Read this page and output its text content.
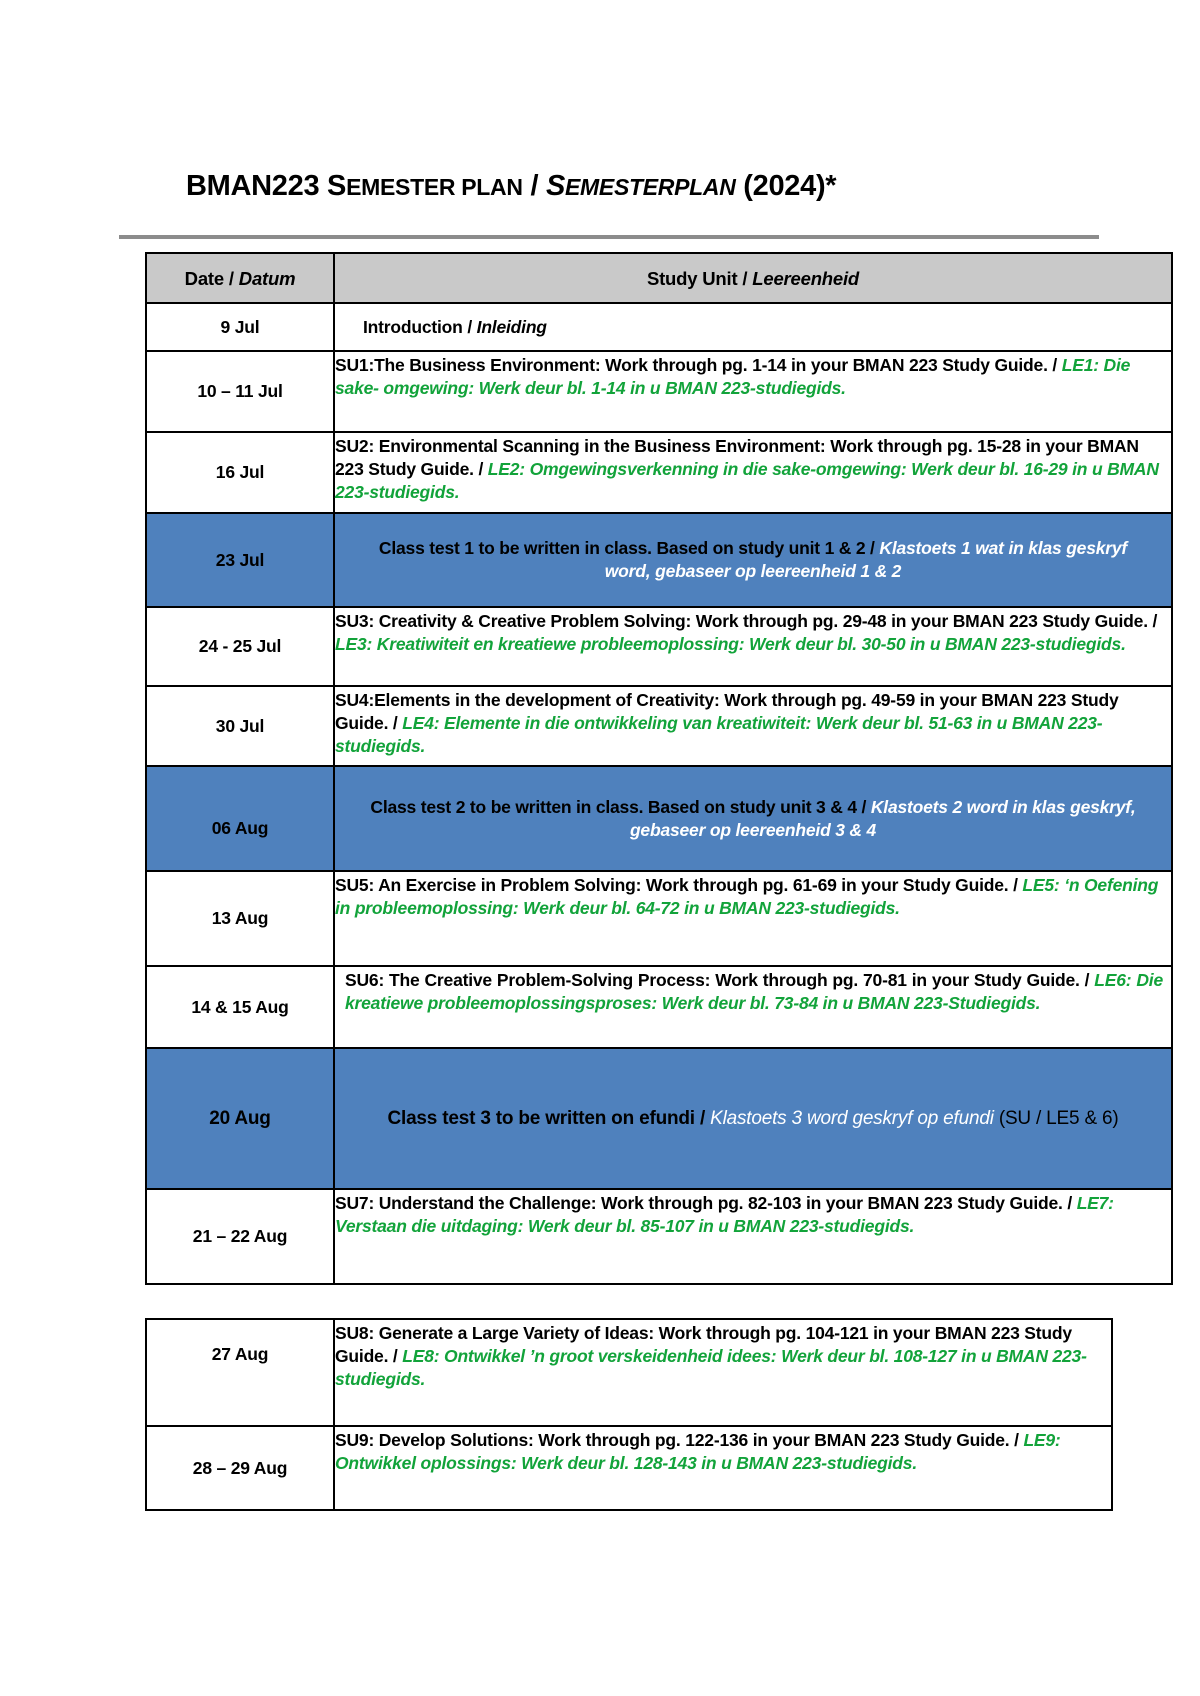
BMAN223 SEMESTER PLAN / SEMESTERPLAN (2024)*
Date / Datum	Study Unit / Leereenheid
9 Jul	Introduction / Inleiding
10 – 11 Jul	SU1:The Business Environment: Work through pg. 1-14 in your BMAN 223 Study Guide. / LE1: Die sake- omgewing: Werk deur bl. 1-14 in u BMAN 223-studiegids.
16 Jul	SU2: Environmental Scanning in the Business Environment: Work through pg. 15-28 in your BMAN 223 Study Guide. / LE2: Omgewingsverkenning in die sake-omgewing: Werk deur bl. 16-29 in u BMAN 223-studiegids.
23 Jul	Class test 1 to be written in class. Based on study unit 1 & 2 / Klastoets 1 wat in klas geskryf word, gebaseer op leereenheid 1 & 2
24 - 25 Jul	SU3: Creativity & Creative Problem Solving: Work through pg. 29-48 in your BMAN 223 Study Guide. / LE3: Kreatiwiteit en kreatiewe probleemoplossing: Werk deur bl. 30-50 in u BMAN 223-studiegids.
30 Jul	SU4:Elements in the development of Creativity: Work through pg. 49-59 in your BMAN 223 Study Guide. / LE4: Elemente in die ontwikkeling van kreatiwiteit: Werk deur bl. 51-63 in u BMAN 223-studiegids.
06 Aug	Class test 2 to be written in class. Based on study unit 3 & 4 / Klastoets 2 word in klas geskryf, gebaseer op leereenheid 3 & 4
13 Aug	SU5: An Exercise in Problem Solving: Work through pg. 61-69 in your Study Guide. / LE5: ‘n Oefening in probleemoplossing: Werk deur bl. 64-72 in u BMAN 223-studiegids.
14 & 15 Aug	SU6: The Creative Problem-Solving Process: Work through pg. 70-81 in your Study Guide. / LE6: Die kreatiewe probleemoplossingsproses: Werk deur bl. 73-84 in u BMAN 223-Studiegids.
20 Aug	Class test 3 to be written on efundi / Klastoets 3 word geskryf op efundi (SU / LE5 & 6)
21 – 22 Aug	SU7: Understand the Challenge: Work through pg. 82-103 in your BMAN 223 Study Guide. / LE7: Verstaan die uitdaging: Werk deur bl. 85-107 in u BMAN 223-studiegids.
27 Aug	SU8: Generate a Large Variety of Ideas: Work through pg. 104-121 in your BMAN 223 Study Guide. / LE8: Ontwikkel ’n groot verskeidenheid idees: Werk deur bl. 108-127 in u BMAN 223-studiegids.
28 – 29 Aug	SU9: Develop Solutions: Work through pg. 122-136 in your BMAN 223 Study Guide. / LE9: Ontwikkel oplossings: Werk deur bl. 128-143 in u BMAN 223-studiegids.
